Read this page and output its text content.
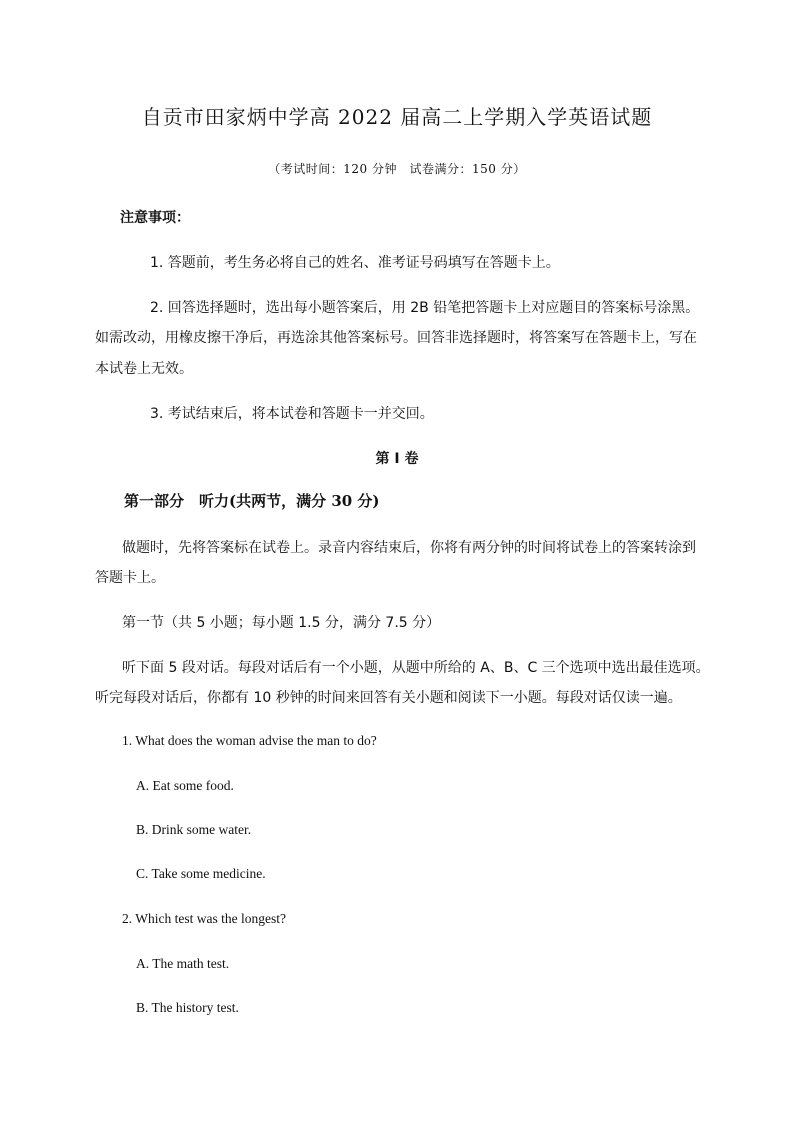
自贡市田家炳中学高 2022 届高二上学期入学英语试题
（考试时间：120 分钟　试卷满分：150 分）
注意事项：
1. 答题前，考生务必将自己的姓名、准考证号码填写在答题卡上。
2. 回答选择题时，选出每小题答案后，用 2B 铅笔把答题卡上对应题目的答案标号涂黑。
如需改动，用橡皮擦干净后，再选涂其他答案标号。回答非选择题时，将答案写在答题卡上，写在
本试卷上无效。
3. 考试结束后，将本试卷和答题卡一并交回。
第 I 卷
第一部分　听力(共两节，满分 30 分)
做题时，先将答案标在试卷上。录音内容结束后，你将有两分钟的时间将试卷上的答案转涂到
答题卡上。
第一节（共 5 小题；每小题 1.5 分，满分 7.5 分）
听下面 5 段对话。每段对话后有一个小题，从题中所给的 A、B、C 三个选项中选出最佳选项。
听完每段对话后，你都有 10 秒钟的时间来回答有关小题和阅读下一小题。每段对话仅读一遍。
1. What does the woman advise the man to do?
A. Eat some food.
B. Drink some water.
C. Take some medicine.
2. Which test was the longest?
A. The math test.
B. The history test.
